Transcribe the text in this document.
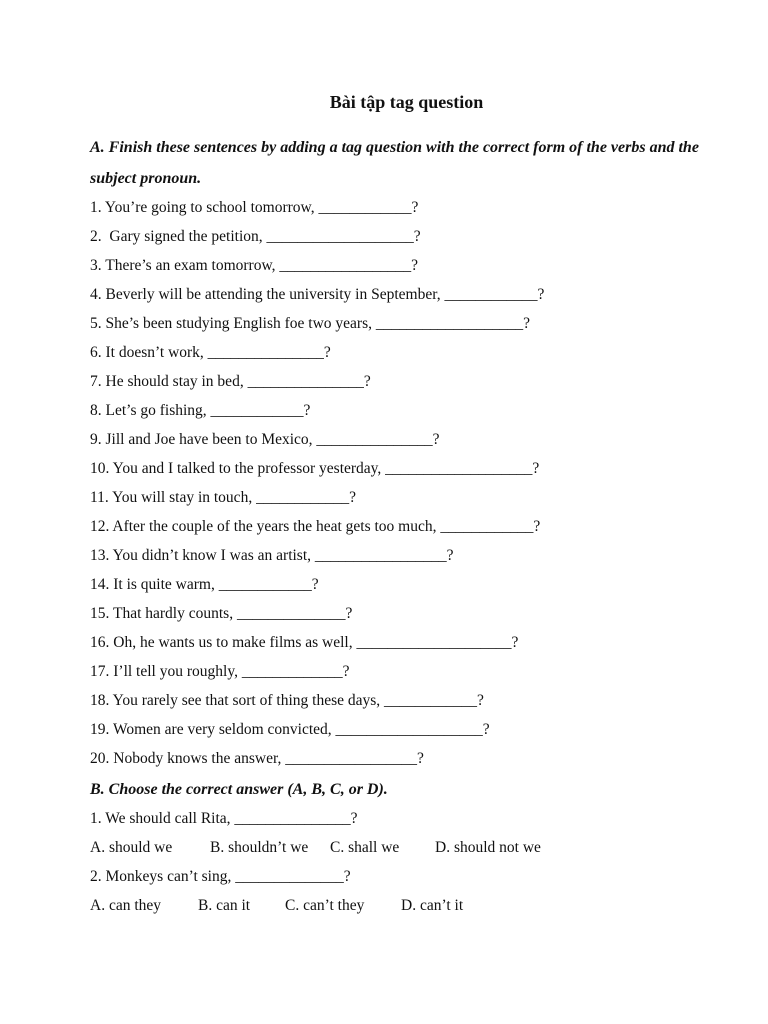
Bài tập tag question
A. Finish these sentences by adding a tag question with the correct form of the verbs and the subject pronoun.
1. You’re going to school tomorrow, ____________?
2.  Gary signed the petition, ___________________?
3. There’s an exam tomorrow, _________________?
4. Beverly will be attending the university in September, ____________?
5. She’s been studying English foe two years, ___________________?
6. It doesn’t work, _______________?
7. He should stay in bed, _______________?
8. Let’s go fishing, ____________?
9. Jill and Joe have been to Mexico, _______________?
10. You and I talked to the professor yesterday, ___________________?
11. You will stay in touch, ____________?
12. After the couple of the years the heat gets too much, ____________?
13. You didn’t know I was an artist, _________________?
14. It is quite warm, ____________?
15. That hardly counts, ______________?
16. Oh, he wants us to make films as well, ____________________?
17. I’ll tell you roughly, _____________?
18. You rarely see that sort of thing these days, ____________?
19. Women are very seldom convicted, ___________________?
20. Nobody knows the answer, _________________?
B. Choose the correct answer (A, B, C, or D).
1. We should call Rita, _______________?
A. should we B. shouldn’t we C. shall we D. should not we
2. Monkeys can’t sing, ______________?
A. can they B. can it C. can’t they D. can’t it
